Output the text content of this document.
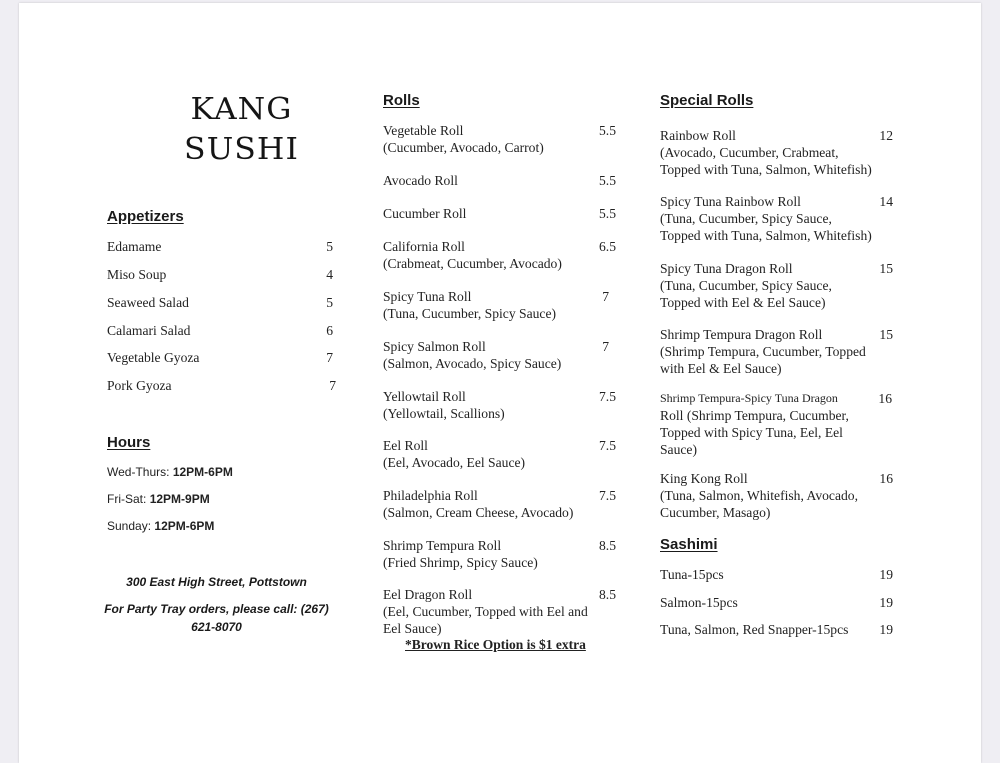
KANG
SUSHI
Appetizers
Edamame	5
Miso Soup	4
Seaweed Salad	5
Calamari Salad	6
Vegetable Gyoza	7
Pork Gyoza	7
Hours
Wed-Thurs: 12PM-6PM
Fri-Sat: 12PM-9PM
Sunday: 12PM-6PM
300 East High Street, Pottstown
For Party Tray orders, please call: (267)
621-8070
Rolls
Vegetable Roll
(Cucumber, Avocado, Carrot)
5.5
Avocado Roll	5.5
Cucumber Roll	5.5
California Roll
(Crabmeat, Cucumber, Avocado)
6.5
Spicy Tuna Roll
(Tuna, Cucumber, Spicy Sauce)
7
Spicy Salmon Roll
(Salmon, Avocado, Spicy Sauce)
7
Yellowtail Roll
(Yellowtail, Scallions)
7.5
Eel Roll
(Eel, Avocado, Eel Sauce)
7.5
Philadelphia Roll
(Salmon, Cream Cheese, Avocado)
7.5
Shrimp Tempura Roll
(Fried Shrimp, Spicy Sauce)
8.5
Eel Dragon Roll
(Eel, Cucumber, Topped with Eel and
Eel Sauce)
8.5
*Brown Rice Option is $1 extra
Special Rolls
Rainbow Roll
(Avocado, Cucumber, Crabmeat,
Topped with Tuna, Salmon, Whitefish)
12
Spicy Tuna Rainbow Roll
(Tuna, Cucumber, Spicy Sauce,
Topped with Tuna, Salmon, Whitefish)
14
Spicy Tuna Dragon Roll
(Tuna, Cucumber, Spicy Sauce,
Topped with Eel & Eel Sauce)
15
Shrimp Tempura Dragon Roll
(Shrimp Tempura, Cucumber, Topped
with Eel & Eel Sauce)
15
Shrimp Tempura-Spicy Tuna Dragon
Roll (Shrimp Tempura, Cucumber,
Topped with Spicy Tuna, Eel, Eel
Sauce)
16
King Kong Roll
(Tuna, Salmon, Whitefish, Avocado,
Cucumber, Masago)
16
Sashimi
Tuna-15pcs	19
Salmon-15pcs	19
Tuna, Salmon, Red Snapper-15pcs	19
